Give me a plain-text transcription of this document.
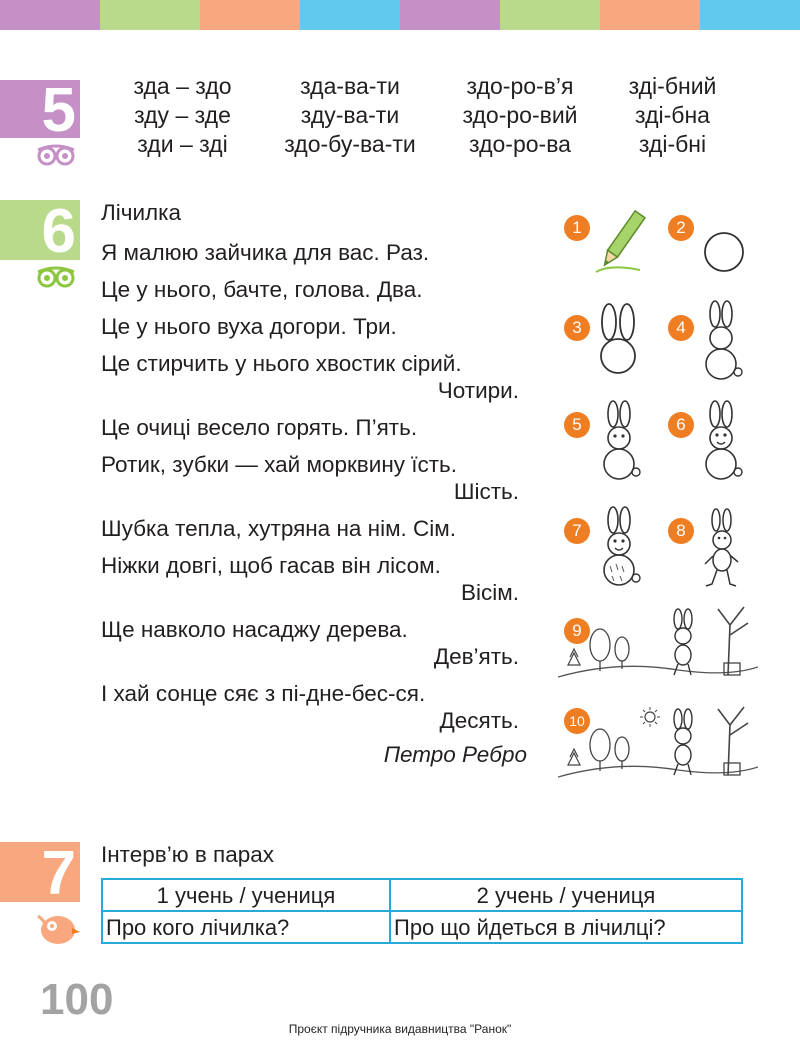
5	зда – здо	зда-ва-ти	здо-ро-в’я	зді-бний
зду – зде	зду-ва-ти	здо-ро-вий	зді-бна
зди – зді	здо-бу-ва-ти	здо-ро-ва	зді-бні
6 Лічилка
Я малюю зайчика для вас. Раз.
Це у нього, бачте, голова. Два.
Це у нього вуха догори. Три.
Це стирчить у нього хвостик сірий.
Чотири.
Це очиці весело горять. П’ять.
Ротик, зубки — хай морквину їсть.
Шість.
Шубка тепла, хутряна на нім. Сім.
Ніжки довгі, щоб гасав він лісом.
Вісім.
Ще навколо насаджу дерева.
Дев’ять.
І хай сонце сяє з пі-дне-бес-ся.
Десять.
Петро Ребро
1	2
3	4
5	6
7	8
9
10
7 Інтерв’ю в парах
1 учень / учениця	2 учень / учениця
Про кого лічилка?	Про що йдеться в лічилці?
100
Проєкт підручника видавництва "Ранок"
